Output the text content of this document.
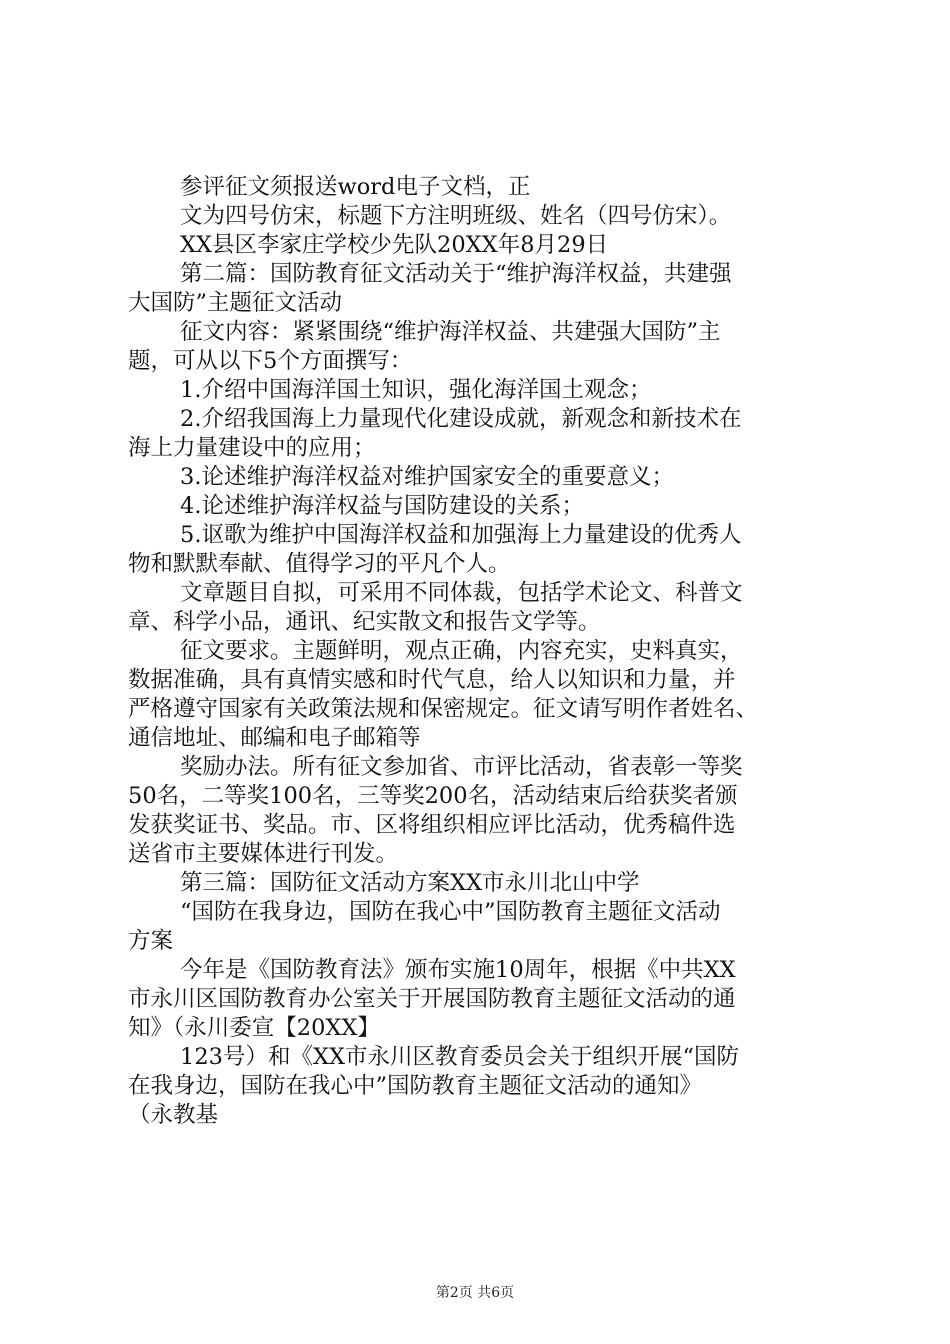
参评征文须报送word电子文档，正
文为四号仿宋，标题下方注明班级、姓名（四号仿宋）。
XX县区李家庄学校少先队20XX年8月29日
第二篇：国防教育征文活动关于“维护海洋权益，共建强
大国防”主题征文活动
征文内容：紧紧围绕“维护海洋权益、共建强大国防”主
题，可从以下5个方面撰写：
1.介绍中国海洋国土知识，强化海洋国土观念；
2.介绍我国海上力量现代化建设成就，新观念和新技术在
海上力量建设中的应用；
3.论述维护海洋权益对维护国家安全的重要意义；
4.论述维护海洋权益与国防建设的关系；
5.讴歌为维护中国海洋权益和加强海上力量建设的优秀人
物和默默奉献、值得学习的平凡个人。
文章题目自拟，可采用不同体裁，包括学术论文、科普文
章、科学小品，通讯、纪实散文和报告文学等。
征文要求。主题鲜明，观点正确，内容充实，史料真实，
数据准确，具有真情实感和时代气息，给人以知识和力量，并
严格遵守国家有关政策法规和保密规定。征文请写明作者姓名、
通信地址、邮编和电子邮箱等
奖励办法。所有征文参加省、市评比活动，省表彰一等奖
50名，二等奖100名，三等奖200名，活动结束后给获奖者颁
发获奖证书、奖品。市、区将组织相应评比活动，优秀稿件选
送省市主要媒体进行刊发。
第三篇：国防征文活动方案XX市永川北山中学
“国防在我身边，国防在我心中”国防教育主题征文活动
方案
今年是《国防教育法》颁布实施10周年，根据《中共XX
市永川区国防教育办公室关于开展国防教育主题征文活动的通
知》（永川委宣【20XX】
123号）和《XX市永川区教育委员会关于组织开展“国防
在我身边，国防在我心中”国防教育主题征文活动的通知》
（永教基
第2页 共6页
